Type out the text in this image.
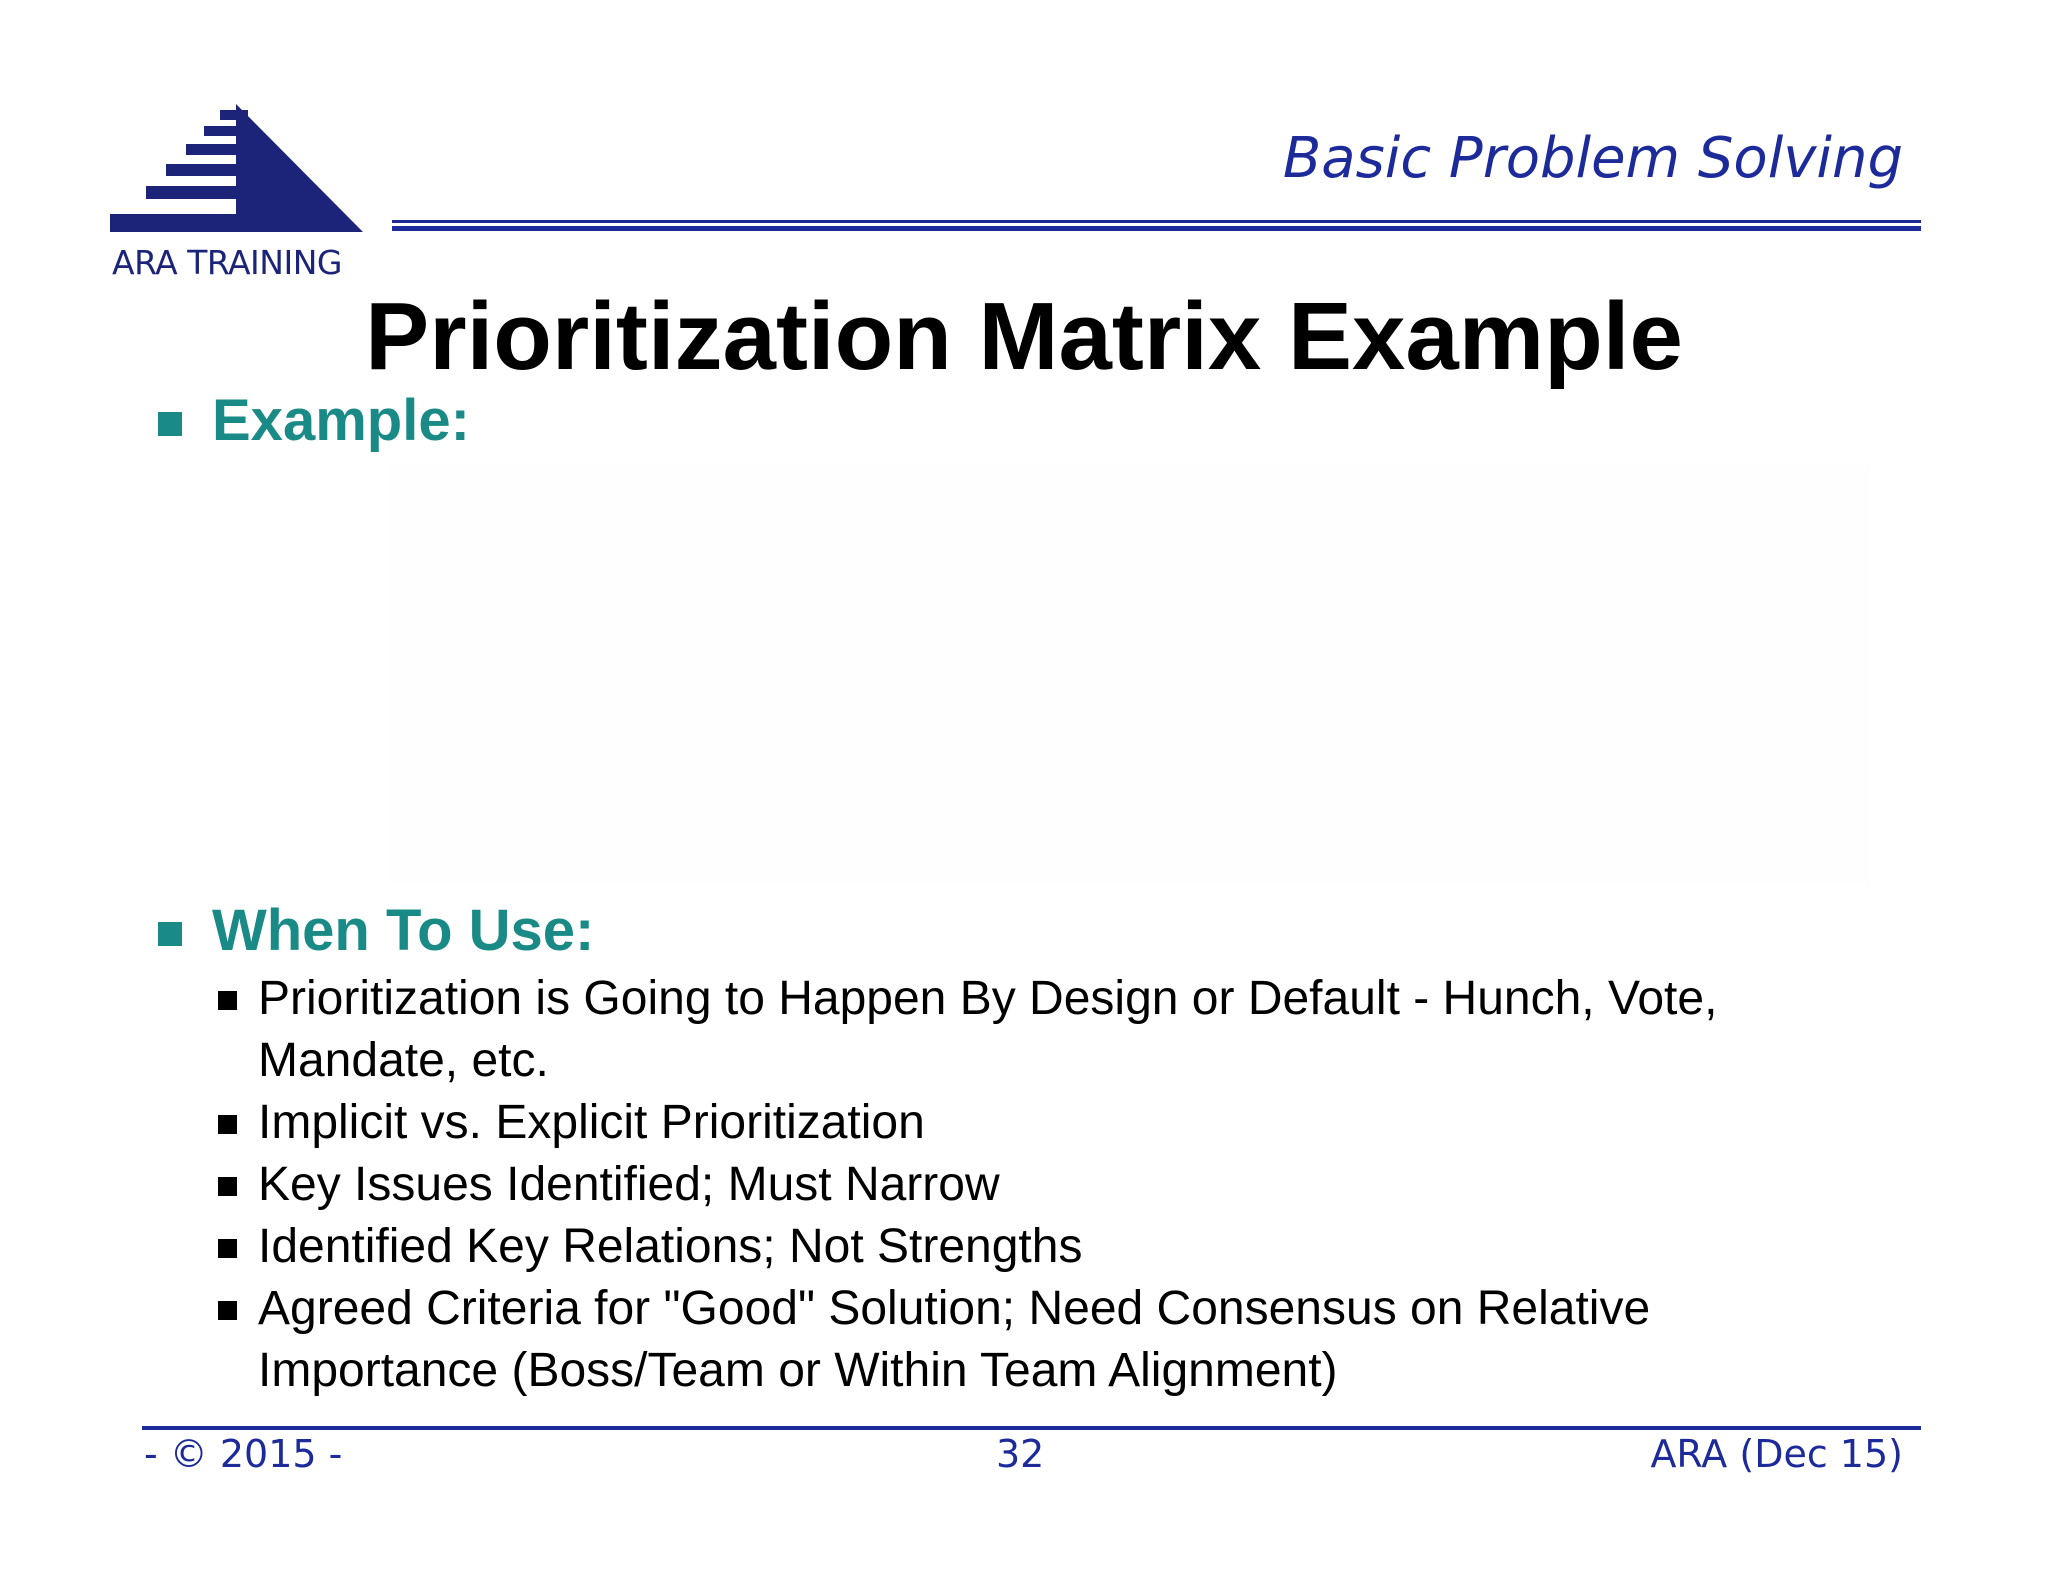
ARA TRAINING
Basic Problem Solving
Prioritization Matrix Example
Example:
When To Use:
Prioritization is Going to Happen By Design or Default - Hunch, Vote,
Mandate, etc.
Implicit vs. Explicit Prioritization
Key Issues Identified; Must Narrow
Identified Key Relations; Not Strengths
Agreed Criteria for "Good" Solution; Need Consensus on Relative
Importance (Boss/Team or Within Team Alignment)
- © 2015 -	32	ARA (Dec 15)
